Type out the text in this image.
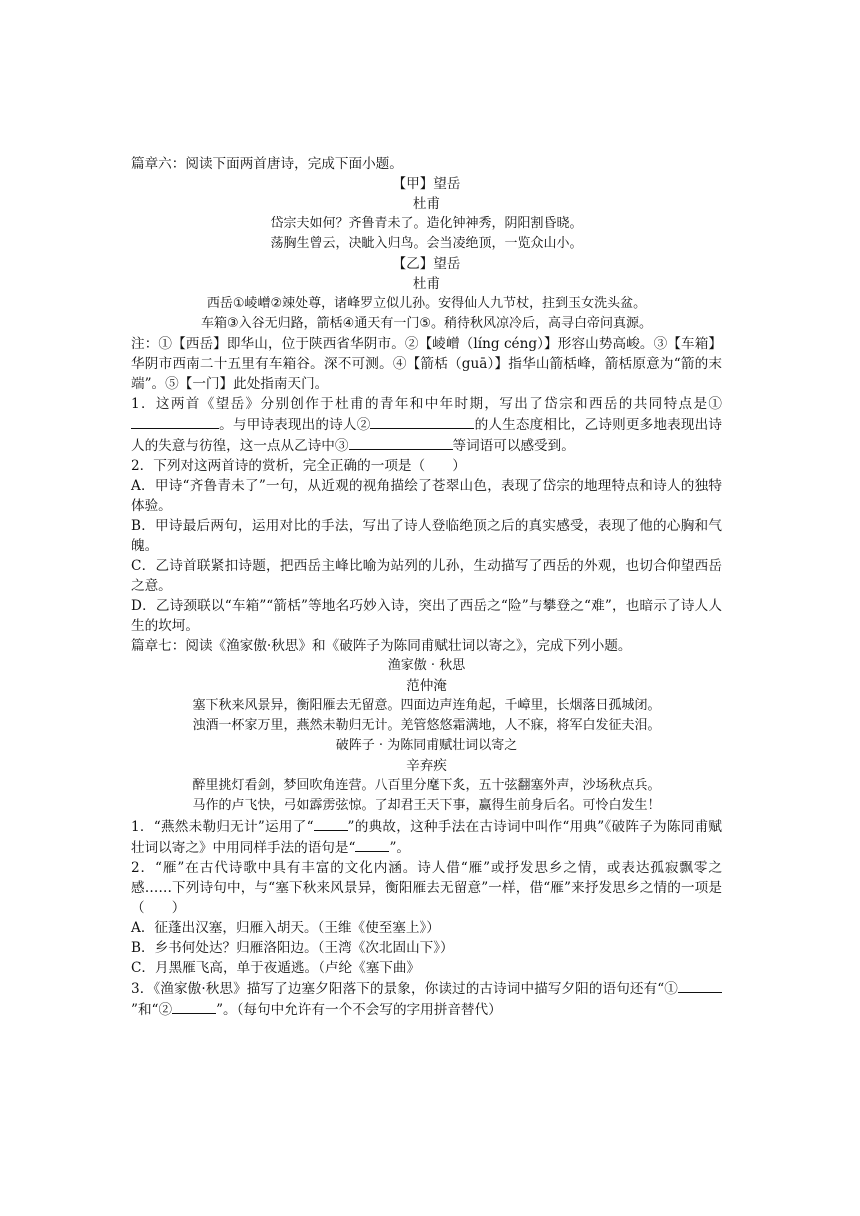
篇章六：阅读下面两首唐诗，完成下面小题。

【甲】望岳

杜甫

岱宗夫如何？齐鲁青未了。造化钟神秀，阴阳割昏晓。

荡胸生曾云，决眦入归鸟。会当凌绝顶，一览众山小。

【乙】望岳

杜甫

西岳①崚嶒②竦处尊，诸峰罗立似儿孙。安得仙人九节杖，拄到玉女洗头盆。

车箱③入谷无归路，箭栝④通天有一门⑤。稍待秋风凉冷后，高寻白帝问真源。

注：①【西岳】即华山，位于陕西省华阴市。②【崚嶒（líng céng）】形容山势高峻。③【车箱】华阴市西南二十五里有车箱谷。深不可测。④【箭栝（guā）】指华山箭栝峰，箭栝原意为“箭的末端”。⑤【一门】此处指南天门。

1．这两首《望岳》分别创作于杜甫的青年和中年时期，写出了岱宗和西岳的共同特点是①。与甲诗表现出的诗人②	的人生态度相比，乙诗则更多地表现出诗人的失意与彷徨，这一点从乙诗中③	等词语可以感受到。

2．下列对这两首诗的赏析，完全正确的一项是（　　）

A．甲诗“齐鲁青未了”一句，从近观的视角描绘了苍翠山色，表现了岱宗的地理特点和诗人的独特体验。

B．甲诗最后两句，运用对比的手法，写出了诗人登临绝顶之后的真实感受，表现了他的心胸和气魄。

C．乙诗首联紧扣诗题，把西岳主峰比喻为站列的儿孙，生动描写了西岳的外观，也切合仰望西岳之意。

D．乙诗颈联以“车箱”“箭栝”等地名巧妙入诗，突出了西岳之“险”与攀登之“难”，也暗示了诗人人生的坎坷。

篇章七：阅读《渔家傲·秋思》和《破阵子为陈同甫赋壮词以寄之》，完成下列小题。

渔家傲 · 秋思

范仲淹

塞下秋来风景异，衡阳雁去无留意。四面边声连角起，千嶂里，长烟落日孤城闭。

浊酒一杯家万里，燕然未勒归无计。羌管悠悠霜满地，人不寐，将军白发征夫泪。

破阵子 · 为陈同甫赋壮词以寄之

辛弃疾

醉里挑灯看剑，梦回吹角连营。八百里分麾下炙，五十弦翻塞外声，沙场秋点兵。

马作的卢飞快，弓如霹雳弦惊。了却君王天下事，赢得生前身后名。可怜白发生！

1．“燕然未勒归无计”运用了“	”的典故，这种手法在古诗词中叫作“用典”《破阵子为陈同甫赋壮词以寄之》中用同样手法的语句是“	”。

2．“雁”在古代诗歌中具有丰富的文化内涵。诗人借“雁”或抒发思乡之情，或表达孤寂飘零之感……下列诗句中，与“塞下秋来风景异，衡阳雁去无留意”一样，借“雁”来抒发思乡之情的一项是（　　）

A．征蓬出汉塞，归雁入胡天。（王维《使至塞上》）

B．乡书何处达？归雁洛阳边。（王湾《次北固山下》）

C．月黑雁飞高，单于夜遁逃。（卢纶《塞下曲》

3．《渔家傲·秋思》描写了边塞夕阳落下的景象，你读过的古诗词中描写夕阳的语句还有“①”和“②	”。（每句中允许有一个不会写的字用拼音替代）
